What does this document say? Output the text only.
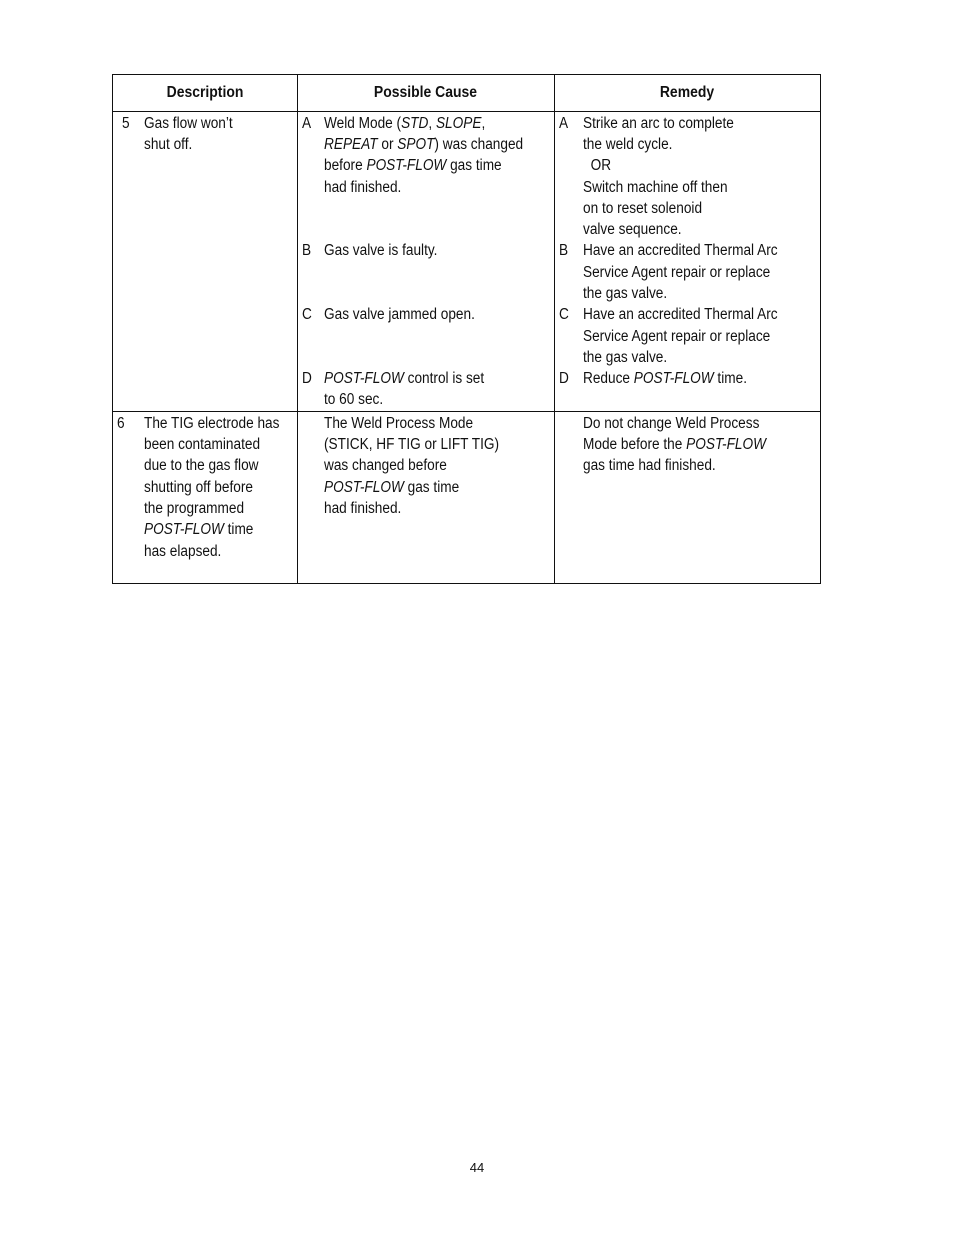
Description	Possible Cause	Remedy
5 Gas flow won’t
shut off.
A Weld Mode (STD, SLOPE,
REPEAT or SPOT) was changed
before POST-FLOW gas time
had finished.
B Gas valve is faulty.
C Gas valve jammed open.
D POST-FLOW control is set
to 60 sec.
A Strike an arc to complete
the weld cycle.
OR
Switch machine off then
on to reset solenoid
valve sequence.
B Have an accredited Thermal Arc
Service Agent repair or replace
the gas valve.
C Have an accredited Thermal Arc
Service Agent repair or replace
the gas valve.
D Reduce POST-FLOW time.
6 The TIG electrode has
been contaminated
due to the gas flow
shutting off before
the programmed
POST-FLOW time
has elapsed.
The Weld Process Mode
(STICK, HF TIG or LIFT TIG)
was changed before
POST-FLOW gas time
had finished.
Do not change Weld Process
Mode before the POST-FLOW
gas time had finished.
44
